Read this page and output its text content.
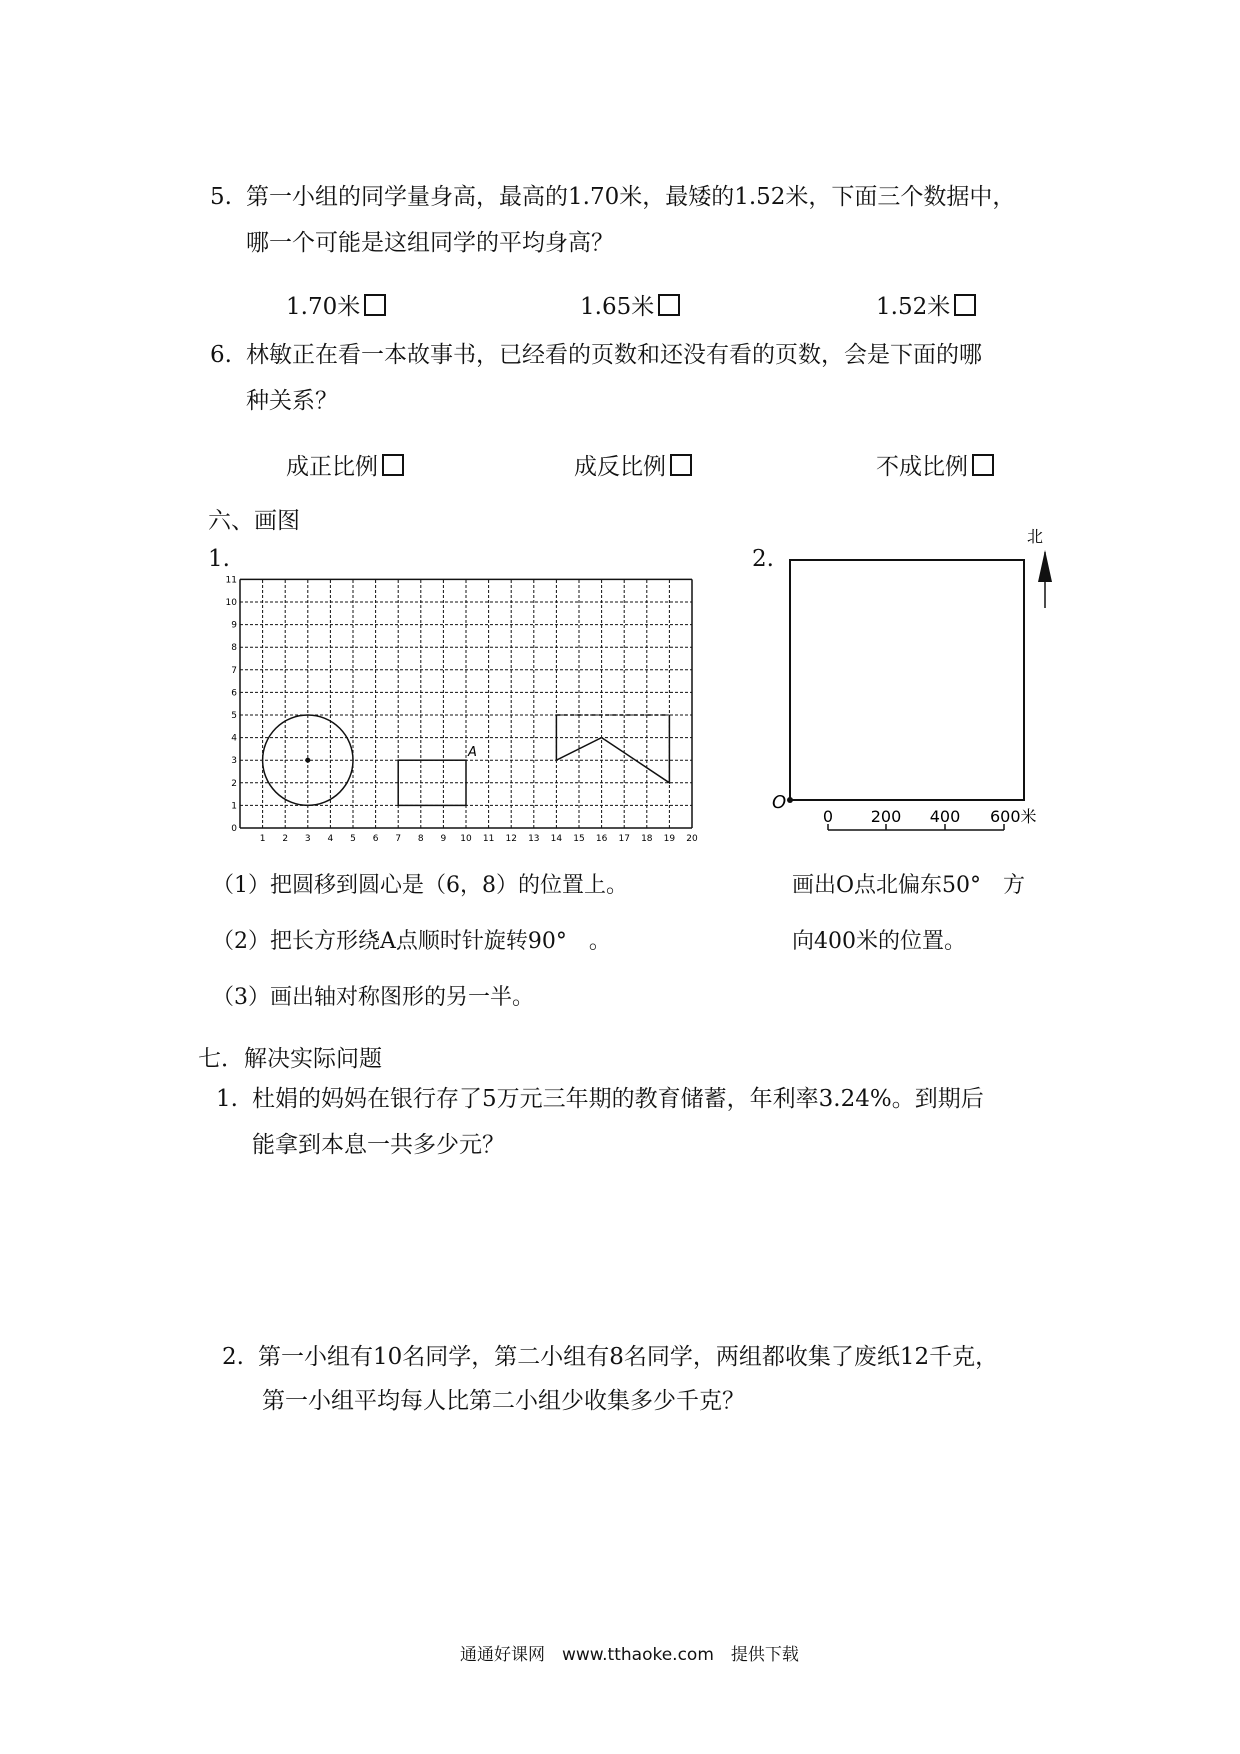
5. 第一小组的同学量身高，最高的1.70米，最矮的1.52米，下面三个数据中，
哪一个可能是这组同学的平均身高？
1.70米	1.65米	1.52米
6. 林敏正在看一本故事书，已经看的页数和还没有看的页数，会是下面的哪
种关系？
成正比例	成反比例	不成比例
六、画图
1.	2.
1 2 3 4 5 6 7 8 9 10 11 12 13 14 15 16 17 18 19 20
0
1
2
3
4
5
6
7
8
9
10
11
A
O
北
0 200 400 600米
（1）把圆移到圆心是（6，8）的位置上。
（2）把长方形绕A点顺时针旋转90°　。
（3）画出轴对称图形的另一半。
画出O点北偏东50°　方
向400米的位置。
七．解决实际问题
1. 杜娟的妈妈在银行存了5万元三年期的教育储蓄，年利率3.24%。到期后
能拿到本息一共多少元？
2. 第一小组有10名同学，第二小组有8名同学，两组都收集了废纸12千克，
第一小组平均每人比第二小组少收集多少千克？
通通好课网　www.tthaoke.com　提供下载
